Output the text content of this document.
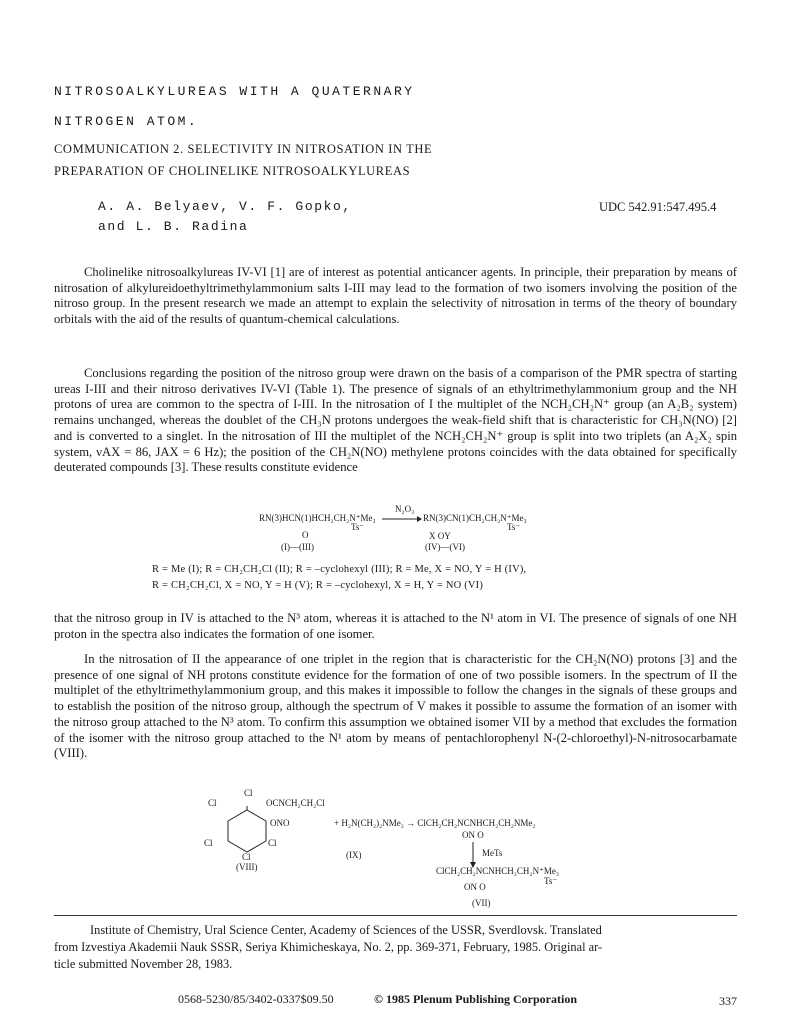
NITROSOALKYLUREAS WITH A QUATERNARY
NITROGEN ATOM.
COMMUNICATION 2. SELECTIVITY IN NITROSATION IN THE
PREPARATION OF CHOLINELIKE NITROSOALKYLUREAS
A. A. Belyaev, V. F. Gopko,
and L. B. Radina
UDC 542.91:547.495.4
Cholinelike nitrosoalkylureas IV-VI [1] are of interest as potential anticancer agents. In principle, their preparation by means of nitrosation of alkylureidoethyltrimethylammonium salts I-III may lead to the formation of two isomers involving the position of the nitroso group. In the present research we made an attempt to explain the selectivity of nitrosation in terms of the theory of boundary orbitals with the aid of the results of quantum-chemical calculations.
Conclusions regarding the position of the nitroso group were drawn on the basis of a comparison of the PMR spectra of starting ureas I-III and their nitroso derivatives IV-VI (Table 1). The presence of signals of an ethyltrimethylammonium group and the NH protons of urea are common to the spectra of I-III. In the nitrosation of I the multiplet of the NCH₂CH₂N⁺ group (an A₂B₂ system) remains unchanged, whereas the doublet of the CH₃N protons undergoes the weak-field shift that is characteristic for CH₃N(NO) [2] and is converted to a singlet. In the nitrosation of III the multiplet of the NCH₂CH₂N⁺ group is split into two triplets (an A₂X₂ spin system, νAX = 86, JAX = 6 Hz); the position of the CH₂N(NO) methylene protons coincides with the data obtained for specifically deuterated compounds [3]. These results constitute evidence
RN(3)HCN(1)HCH₂CH₂N⁺Me₃
Ts⁻
O
(I)—(III)
N₂O₃
RN(3)CN(1)CH₂CH₂N⁺Me₃
Ts⁻
X OY
(IV)—(VI)
R = Me (I); R = CH₂CH₂Cl (II); R = –cyclohexyl (III); R = Me, X = NO, Y = H (IV),
R = CH₂CH₂Cl, X = NO, Y = H (V); R = –cyclohexyl, X = H, Y = NO (VI)
that the nitroso group in IV is attached to the N³ atom, whereas it is attached to the N¹ atom in VI. The presence of signals of one NH proton in the spectra also indicates the formation of one isomer.
In the nitrosation of II the appearance of one triplet in the region that is characteristic for the CH₂N(NO) protons [3] and the presence of one signal of NH protons constitute evidence for the formation of one of two possible isomers. In the spectrum of II the multiplet of the ethyltrimethylammonium group, and this makes it impossible to follow the changes in the signals of these groups and to establish the position of the nitroso group, although the spectrum of V makes it possible to assume the formation of an isomer with the nitroso group attached to the N³ atom. To confirm this assumption we obtained isomer VII by a method that excludes the formation of the isomer with the nitroso group attached to the N¹ atom by means of pentachlorophenyl N-(2-chloroethyl)-N-nitrosocarbamate (VIII).
Cl
Cl	OCNCH₂CH₂Cl
ONO
Cl	Cl
Cl
(VIII)
+ H₂N(CH₂)₂NMe₂ → ClCH₂CH₂NCNHCH₂CH₂NMe₂
ON O
(IX)	MeTs
ClCH₂CH₂NCNHCH₂CH₂N⁺Me₃
Ts⁻
ON O
(VII)
Institute of Chemistry, Ural Science Center, Academy of Sciences of the USSR, Sverdlovsk. Translated
from Izvestiya Akademii Nauk SSSR, Seriya Khimicheskaya, No. 2, pp. 369-371, February, 1985. Original ar-
ticle submitted November 28, 1983.
0568-5230/85/3402-0337$09.50	© 1985 Plenum Publishing Corporation	337
